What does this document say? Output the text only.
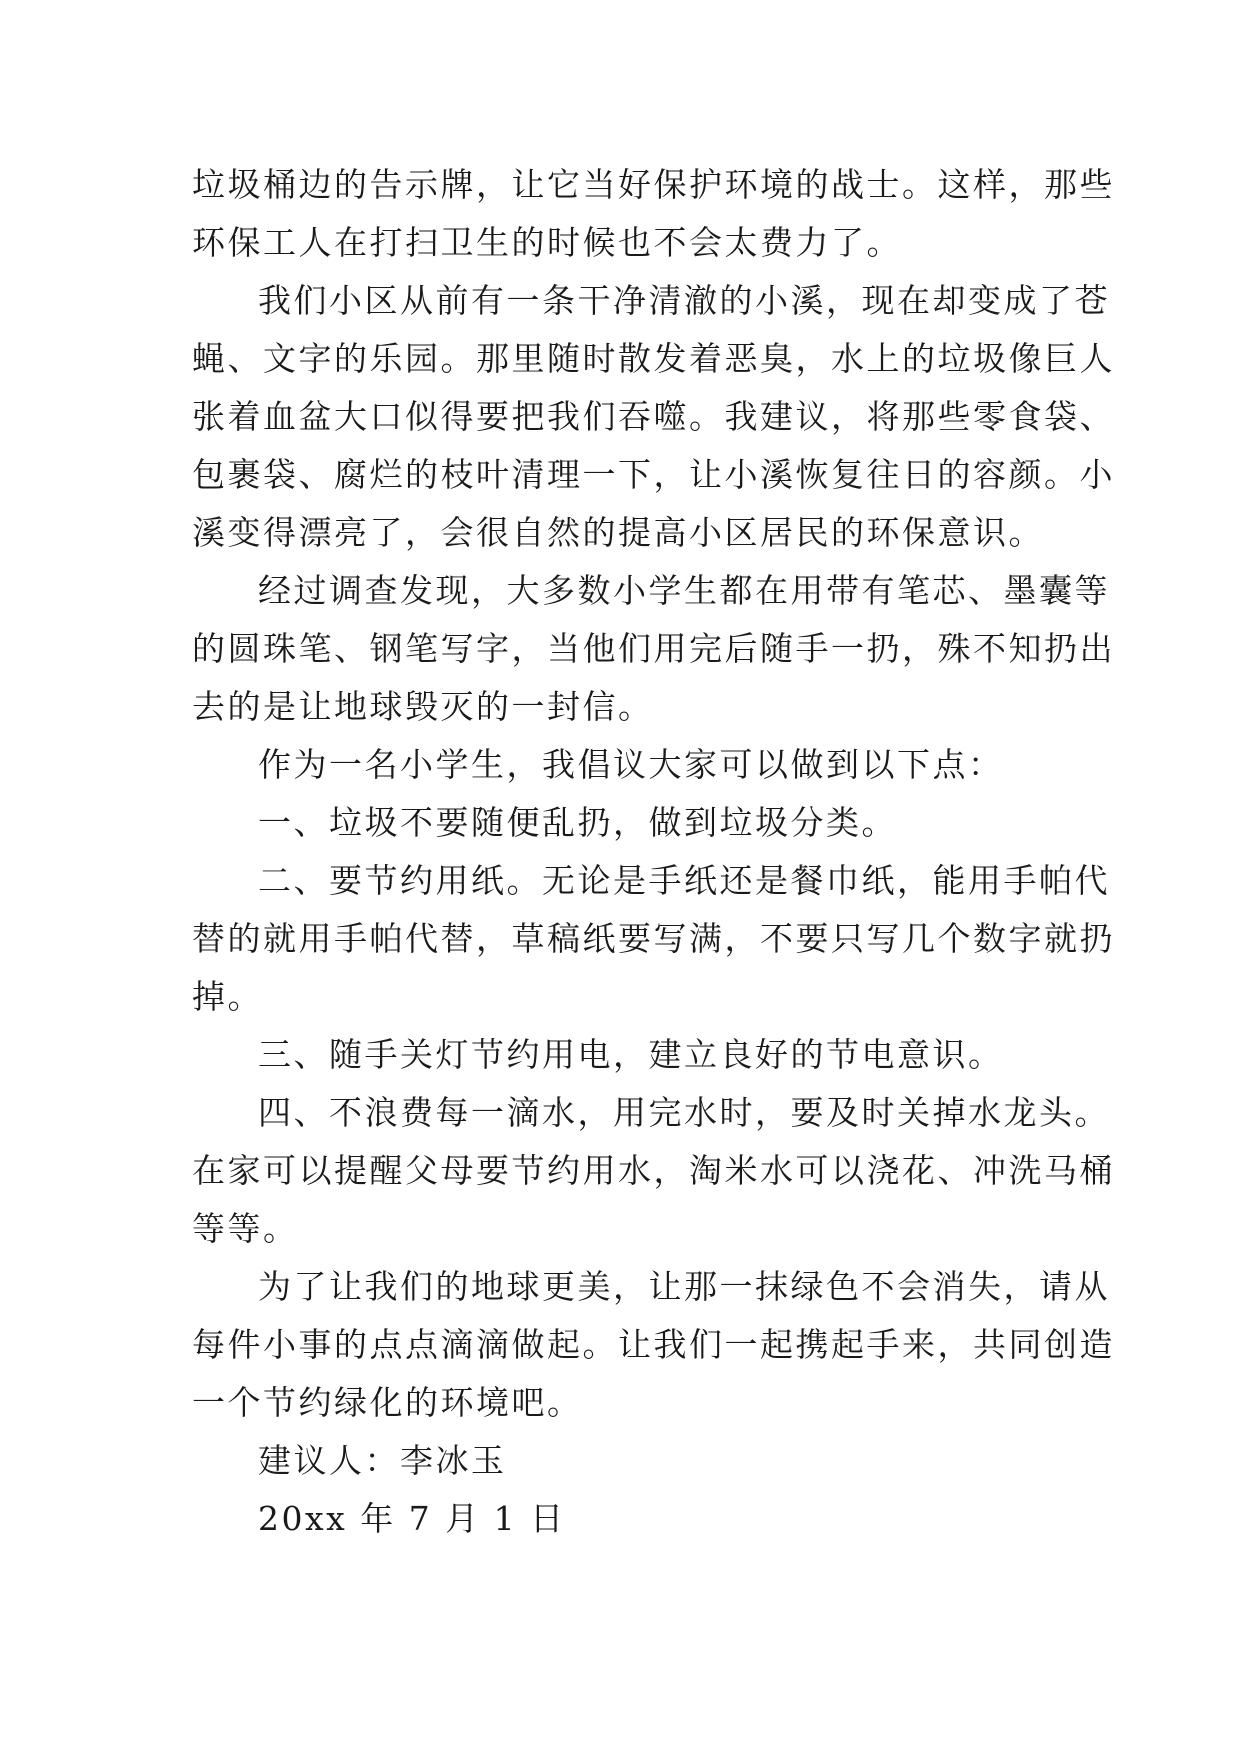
垃圾桶边的告示牌，让它当好保护环境的战士。这样，那些
环保工人在打扫卫生的时候也不会太费力了。
我们小区从前有一条干净清澈的小溪，现在却变成了苍
蝇、文字的乐园。那里随时散发着恶臭，水上的垃圾像巨人
张着血盆大口似得要把我们吞噬。我建议，将那些零食袋、
包裹袋、腐烂的枝叶清理一下，让小溪恢复往日的容颜。小
溪变得漂亮了，会很自然的提高小区居民的环保意识。
经过调查发现，大多数小学生都在用带有笔芯、墨囊等
的圆珠笔、钢笔写字，当他们用完后随手一扔，殊不知扔出
去的是让地球毁灭的一封信。
作为一名小学生，我倡议大家可以做到以下点：
一、垃圾不要随便乱扔，做到垃圾分类。
二、要节约用纸。无论是手纸还是餐巾纸，能用手帕代
替的就用手帕代替，草稿纸要写满，不要只写几个数字就扔
掉。
三、随手关灯节约用电，建立良好的节电意识。
四、不浪费每一滴水，用完水时，要及时关掉水龙头。
在家可以提醒父母要节约用水，淘米水可以浇花、冲洗马桶
等等。
为了让我们的地球更美，让那一抹绿色不会消失，请从
每件小事的点点滴滴做起。让我们一起携起手来，共同创造
一个节约绿化的环境吧。
建议人：李冰玉
20xx 年 7 月 1 日
